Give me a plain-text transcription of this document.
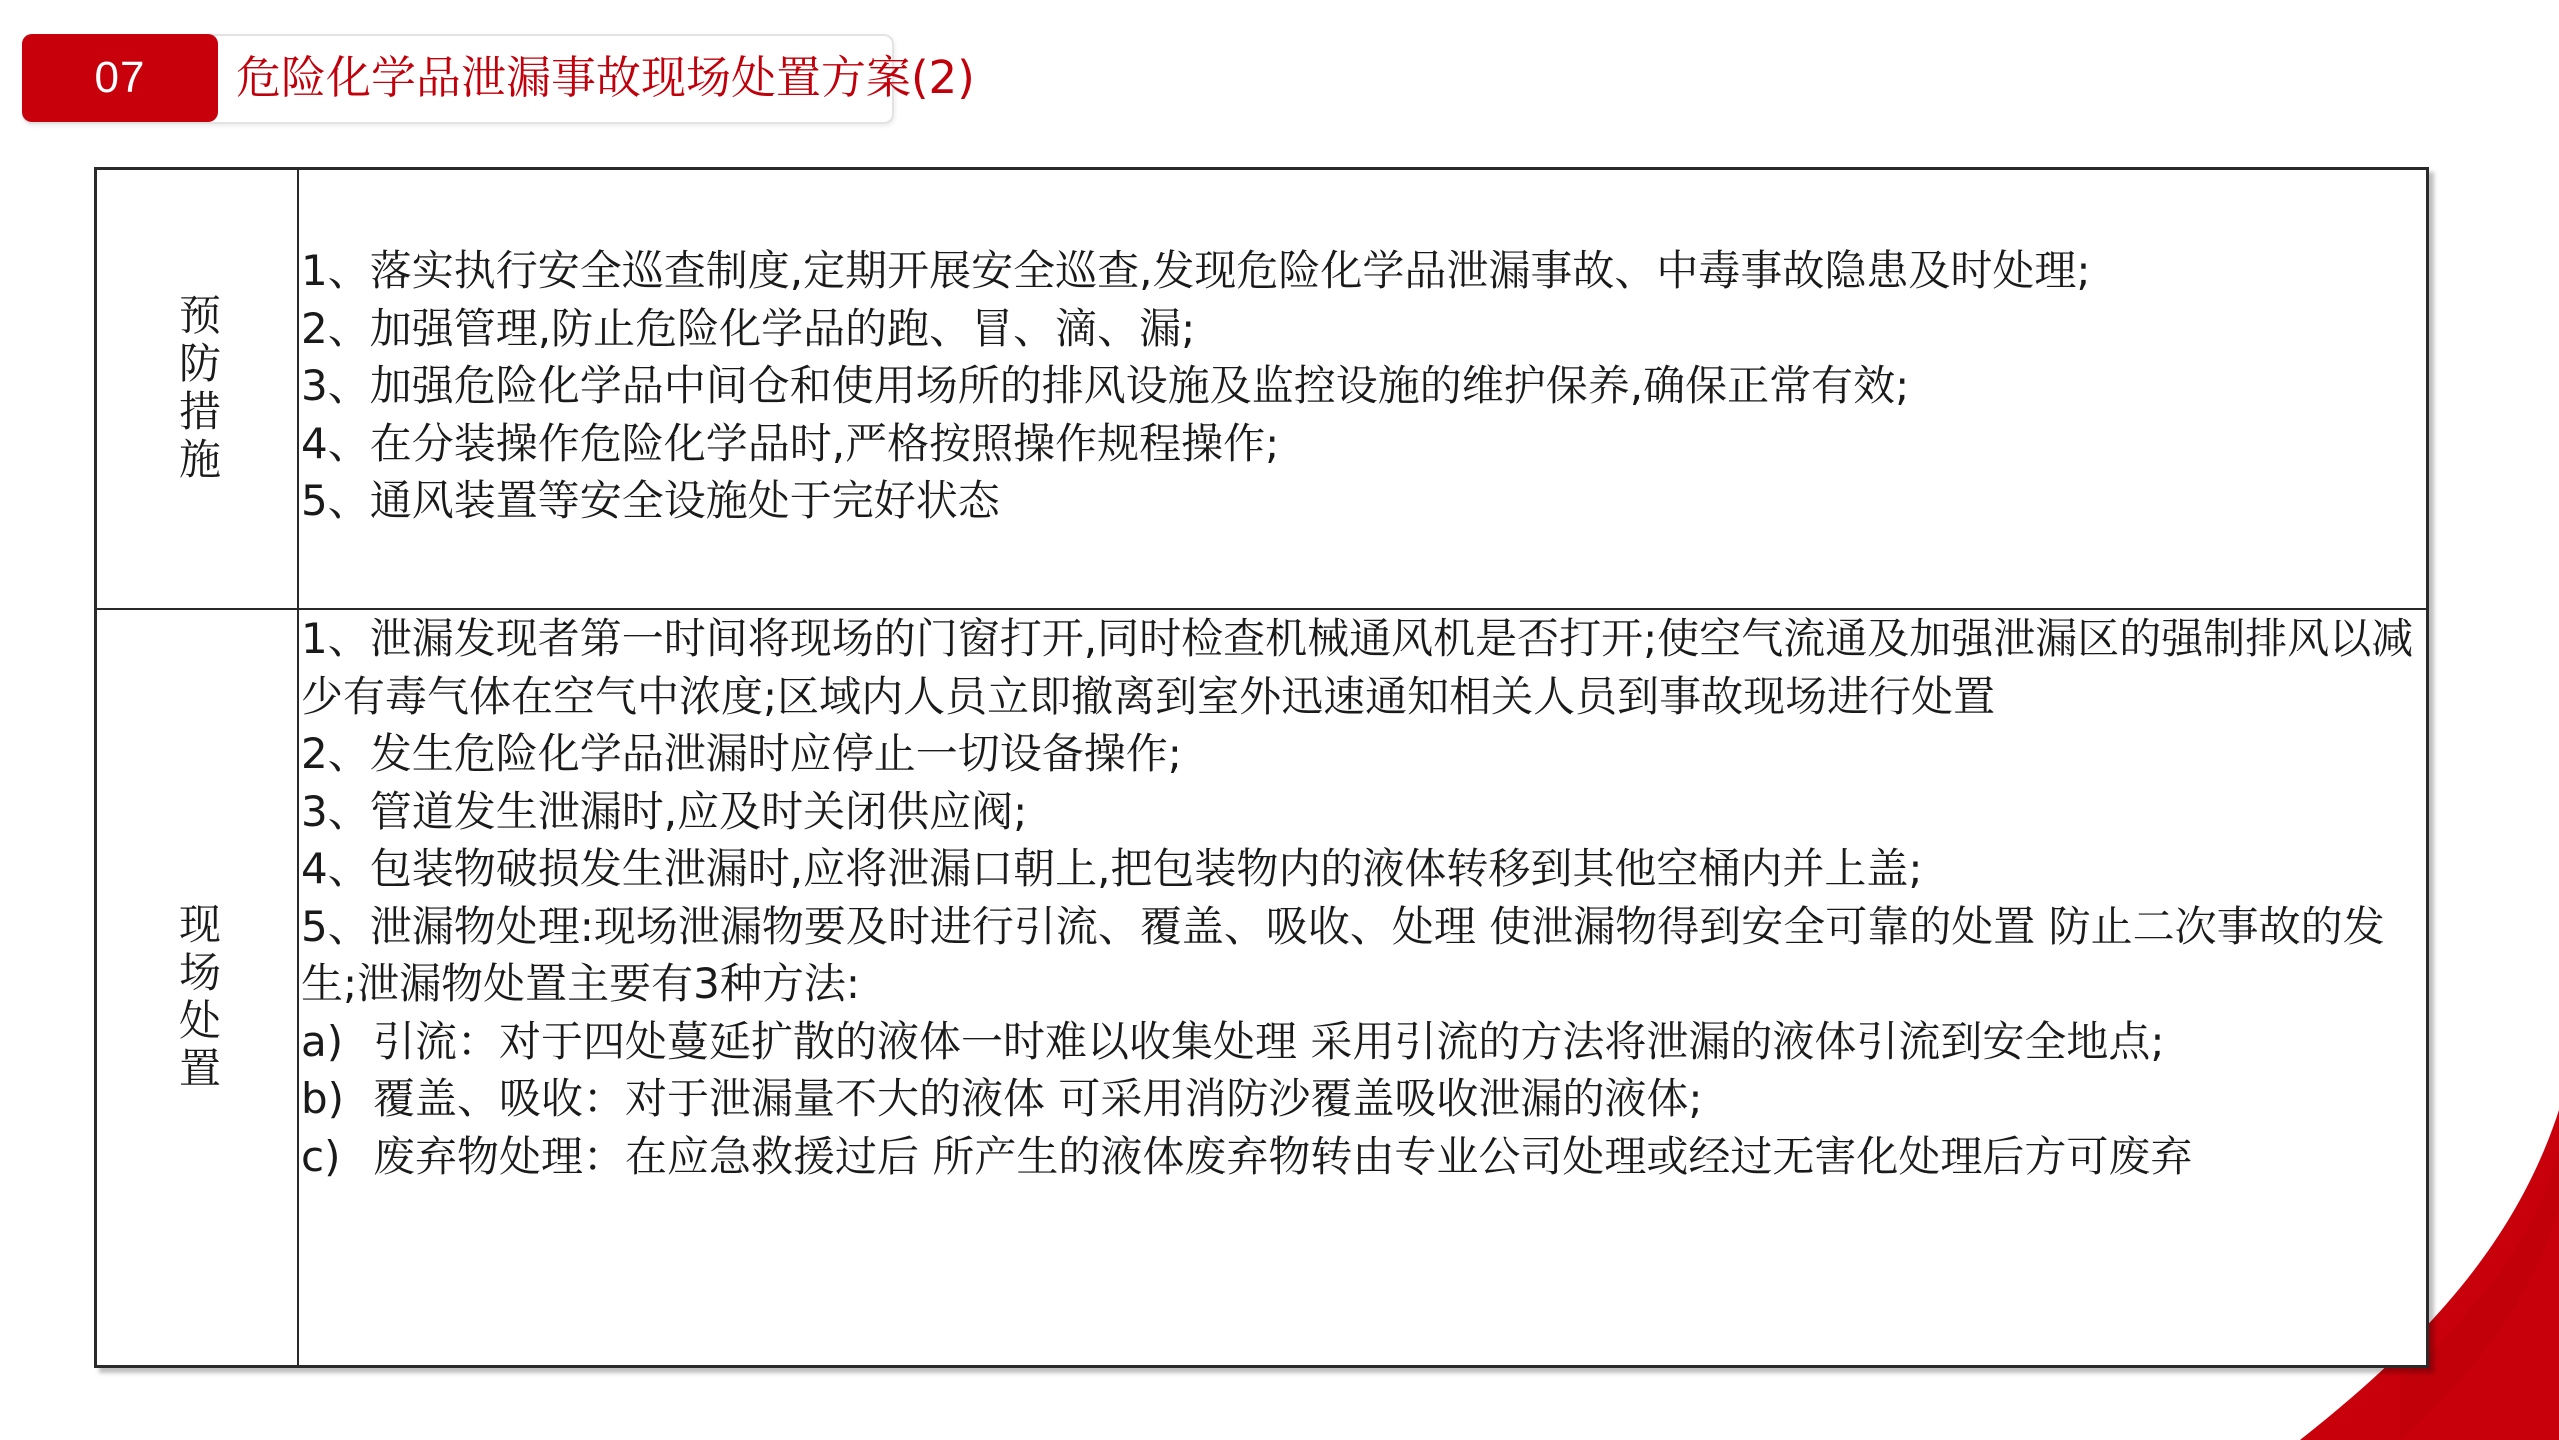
07	危险化学品泄漏事故现场处置方案(2)
预防措施
1、落实执行安全巡查制度,定期开展安全巡查,发现危险化学品泄漏事故、中毒事故隐患及时处理;
2、加强管理,防止危险化学品的跑、冒、滴、漏;
3、加强危险化学品中间仓和使用场所的排风设施及监控设施的维护保养,确保正常有效;
4、在分装操作危险化学品时,严格按照操作规程操作;
5、通风装置等安全设施处于完好状态
现场处置
1、泄漏发现者第一时间将现场的门窗打开,同时检查机械通风机是否打开;使空气流通及加强泄漏区的强制排风以减少有毒气体在空气中浓度;区域内人员立即撤离到室外迅速通知相关人员到事故现场进行处置
2、发生危险化学品泄漏时应停止一切设备操作;
3、管道发生泄漏时,应及时关闭供应阀;
4、包装物破损发生泄漏时,应将泄漏口朝上,把包装物内的液体转移到其他空桶内并上盖;
5、泄漏物处理:现场泄漏物要及时进行引流、覆盖、吸收、处理 使泄漏物得到安全可靠的处置 防止二次事故的发生;泄漏物处置主要有3种方法:
a) 引流：对于四处蔓延扩散的液体一时难以收集处理 采用引流的方法将泄漏的液体引流到安全地点;
b) 覆盖、吸收：对于泄漏量不大的液体 可采用消防沙覆盖吸收泄漏的液体;
c) 废弃物处理：在应急救援过后 所产生的液体废弃物转由专业公司处理或经过无害化处理后方可废弃
